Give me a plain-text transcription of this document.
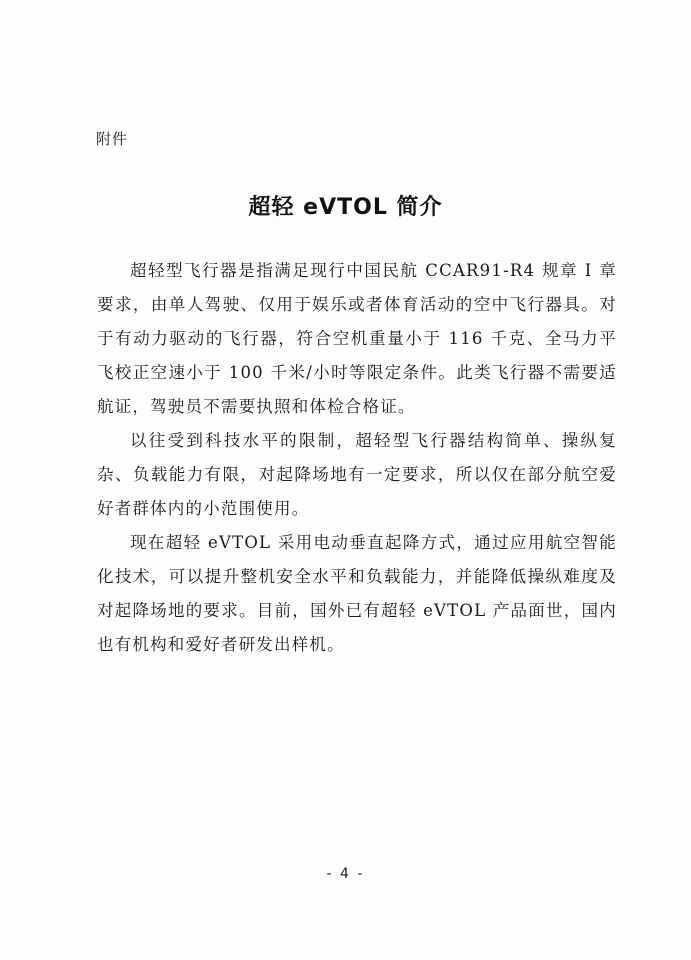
附件
超轻 eVTOL 简介

超轻型飞行器是指满足现行中国民航 CCAR91-R4 规章 I 章要求，由单人驾驶、仅用于娱乐或者体育活动的空中飞行器具。对于有动力驱动的飞行器，符合空机重量小于 116 千克、全马力平飞校正空速小于 100 千米/小时等限定条件。此类飞行器不需要适航证，驾驶员不需要执照和体检合格证。

以往受到科技水平的限制，超轻型飞行器结构简单、操纵复杂、负载能力有限，对起降场地有一定要求，所以仅在部分航空爱好者群体内的小范围使用。

现在超轻 eVTOL 采用电动垂直起降方式，通过应用航空智能化技术，可以提升整机安全水平和负载能力，并能降低操纵难度及对起降场地的要求。目前，国外已有超轻 eVTOL 产品面世，国内也有机构和爱好者研发出样机。

- 4 -
